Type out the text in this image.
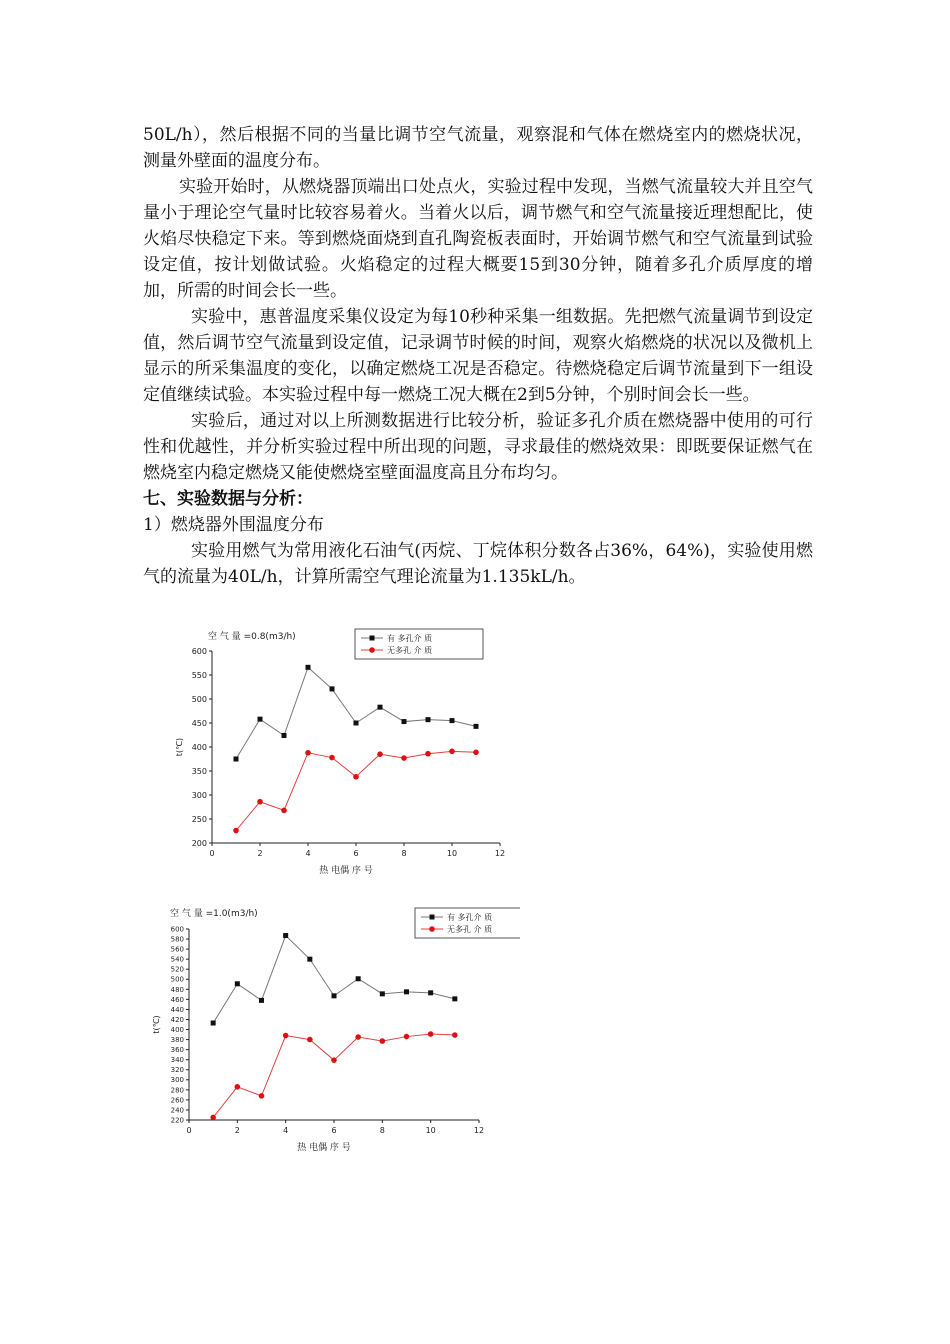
50L/h），然后根据不同的当量比调节空气流量，观察混和气体在燃烧室内的燃烧状况，测量外壁面的温度分布。

实验开始时，从燃烧器顶端出口处点火，实验过程中发现，当燃气流量较大并且空气量小于理论空气量时比较容易着火。当着火以后，调节燃气和空气流量接近理想配比，使火焰尽快稳定下来。等到燃烧面烧到直孔陶瓷板表面时，开始调节燃气和空气流量到试验设定值，按计划做试验。火焰稳定的过程大概要15到30分钟，随着多孔介质厚度的增加，所需的时间会长一些。

实验中，惠普温度采集仪设定为每10秒种采集一组数据。先把燃气流量调节到设定值，然后调节空气流量到设定值，记录调节时候的时间，观察火焰燃烧的状况以及微机上显示的所采集温度的变化，以确定燃烧工况是否稳定。待燃烧稳定后调节流量到下一组设定值继续试验。本实验过程中每一燃烧工况大概在2到5分钟，个别时间会长一些。

实验后，通过对以上所测数据进行比较分析，验证多孔介质在燃烧器中使用的可行性和优越性，并分析实验过程中所出现的问题，寻求最佳的燃烧效果：即既要保证燃气在燃烧室内稳定燃烧又能使燃烧室壁面温度高且分布均匀。

七、实验数据与分析：

1）燃烧器外围温度分布

实验用燃气为常用液化石油气(丙烷、丁烷体积分数各占36%，64%)，实验使用燃气的流量为40L/h，计算所需空气理论流量为1.135kL/h。

200
250
300
350
400
450
500
550
600
0	2	4	6	8	10	12
热 电偶 序 号
t(℃)
空 气 量 =0.8(m3/h)	有 多孔介 质
无多孔 介 质
220
240
260
280
300
320
340
360
380
400
420
440
460
480
500
520
540
560
580
600
0	2	4	6	8	10	12
热 电偶 序 号
t(℃)
空 气 量 =1.0(m3/h)	有 多孔介 质
无多孔 介 质
